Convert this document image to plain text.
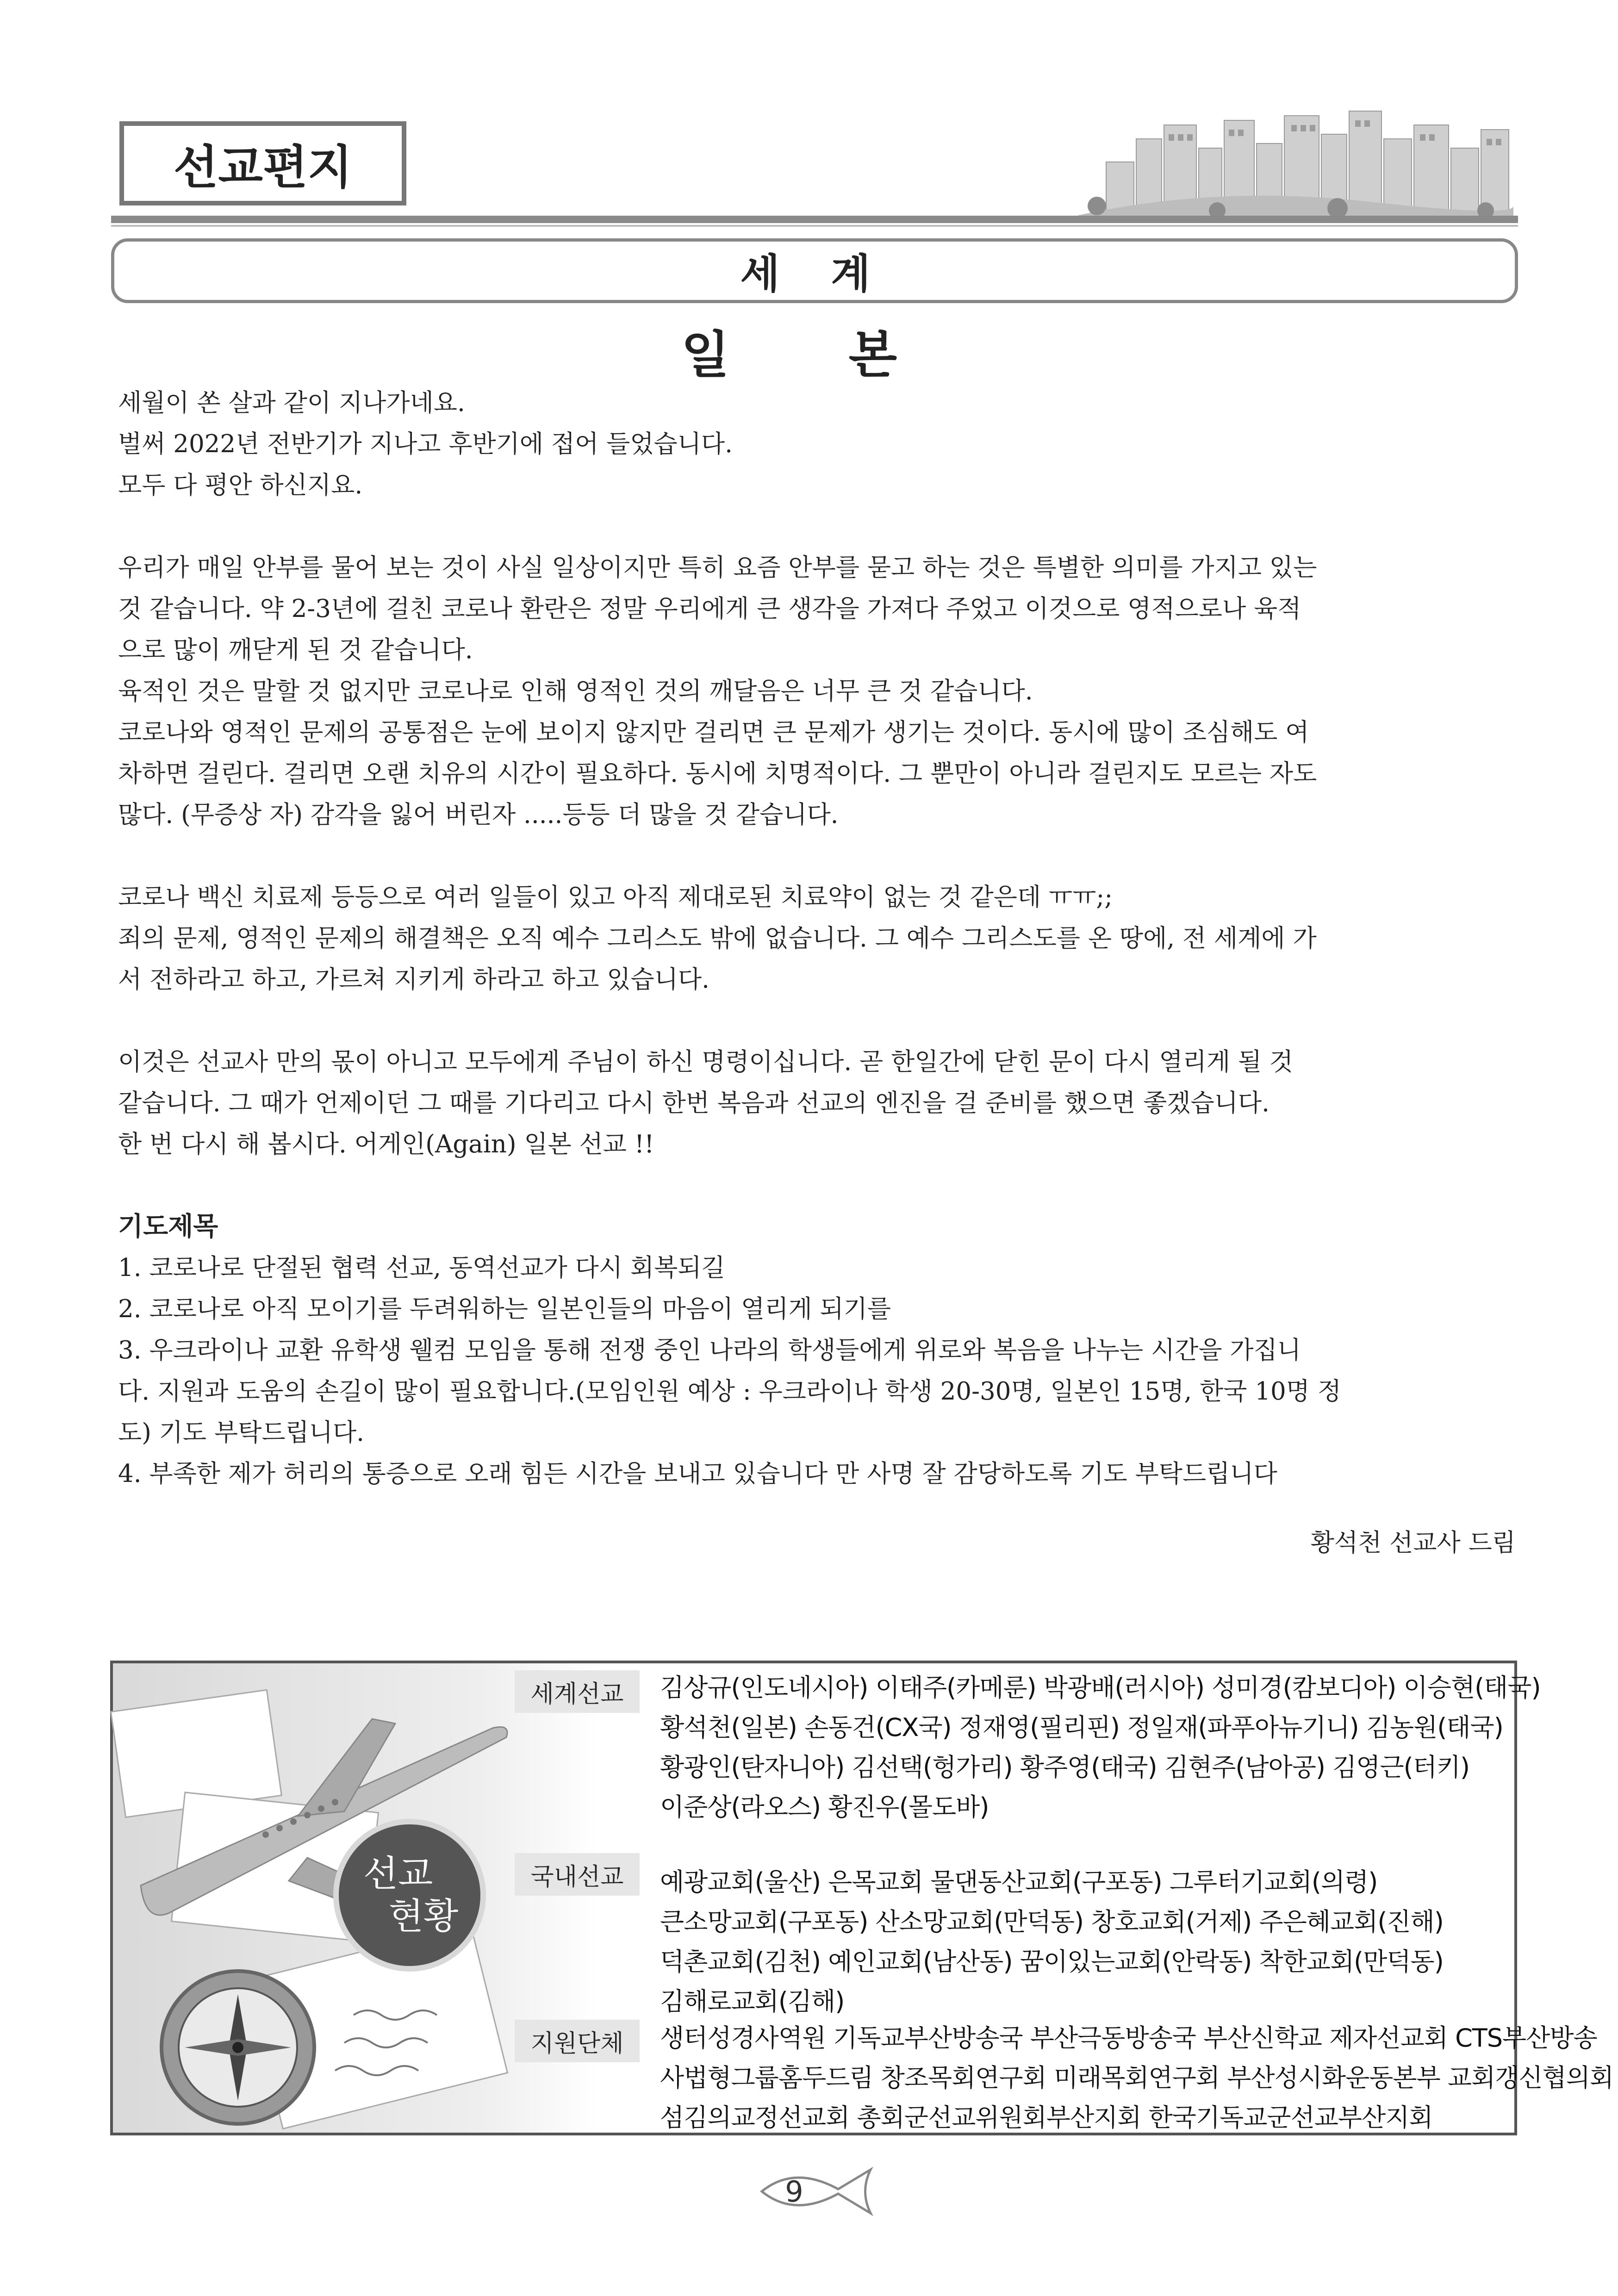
선교편지
세 계
일 본

세월이 쏜 살과 같이 지나가네요.

벌써 2022년 전반기가 지나고 후반기에 접어 들었습니다.

모두 다 평안 하신지요.

우리가 매일 안부를 물어 보는 것이 사실 일상이지만 특히 요즘 안부를 묻고 하는 것은 특별한 의미를 가지고 있는

것 같습니다. 약 2-3년에 걸친 코로나 환란은 정말 우리에게 큰 생각을 가져다 주었고 이것으로 영적으로나 육적

으로 많이 깨닫게 된 것 같습니다.

육적인 것은 말할 것 없지만 코로나로 인해 영적인 것의 깨달음은 너무 큰 것 같습니다.

코로나와 영적인 문제의 공통점은 눈에 보이지 않지만 걸리면 큰 문제가 생기는 것이다. 동시에 많이 조심해도 여

차하면 걸린다. 걸리면 오랜 치유의 시간이 필요하다. 동시에 치명적이다. 그 뿐만이 아니라 걸린지도 모르는 자도

많다. (무증상 자) 감각을 잃어 버린자 .....등등 더 많을 것 같습니다.

코로나 백신 치료제 등등으로 여러 일들이 있고 아직 제대로된 치료약이 없는 것 같은데 ㅠㅠ;;

죄의 문제, 영적인 문제의 해결책은 오직 예수 그리스도 밖에 없습니다. 그 예수 그리스도를 온 땅에, 전 세계에 가

서 전하라고 하고, 가르쳐 지키게 하라고 하고 있습니다.

이것은 선교사 만의 몫이 아니고 모두에게 주님이 하신 명령이십니다. 곧 한일간에 닫힌 문이 다시 열리게 될 것

같습니다. 그 때가 언제이던 그 때를 기다리고 다시 한번 복음과 선교의 엔진을 걸 준비를 했으면 좋겠습니다.

한 번 다시 해 봅시다. 어게인(Again) 일본 선교 !!

기도제목

1. 코로나로 단절된 협력 선교, 동역선교가 다시 회복되길

2. 코로나로 아직 모이기를 두려워하는 일본인들의 마음이 열리게 되기를

3. 우크라이나 교환 유학생 웰컴 모임을 통해 전쟁 중인 나라의 학생들에게 위로와 복음을 나누는 시간을 가집니

다. 지원과 도움의 손길이 많이 필요합니다.(모임인원 예상 : 우크라이나 학생 20-30명, 일본인 15명, 한국 10명 정

도) 기도 부탁드립니다.

4. 부족한 제가 허리의 통증으로 오래 힘든 시간을 보내고 있습니다 만 사명 잘 감당하도록 기도 부탁드립니다

황석천 선교사 드림

선교
현황
세계선교	김상규(인도네시아) 이태주(카메룬) 박광배(러시아) 성미경(캄보디아) 이승현(태국)
황석천(일본) 손동건(CX국) 정재영(필리핀) 정일재(파푸아뉴기니) 김농원(태국)
황광인(탄자니아) 김선택(헝가리) 황주영(태국) 김현주(남아공) 김영근(터키)
이준상(라오스) 황진우(몰도바)
국내선교	예광교회(울산) 은목교회 물댄동산교회(구포동) 그루터기교회(의령)
큰소망교회(구포동) 산소망교회(만덕동) 창호교회(거제) 주은혜교회(진해)
덕촌교회(김천) 예인교회(남산동) 꿈이있는교회(안락동) 착한교회(만덕동)
김해로교회(김해)
지원단체	생터성경사역원 기독교부산방송국 부산극동방송국 부산신학교 제자선교회 CTS부산방송
사법형그룹홈두드림 창조목회연구회 미래목회연구회 부산성시화운동본부 교회갱신협의회
섬김의교정선교회 총회군선교위원회부산지회 한국기독교군선교부산지회
9
